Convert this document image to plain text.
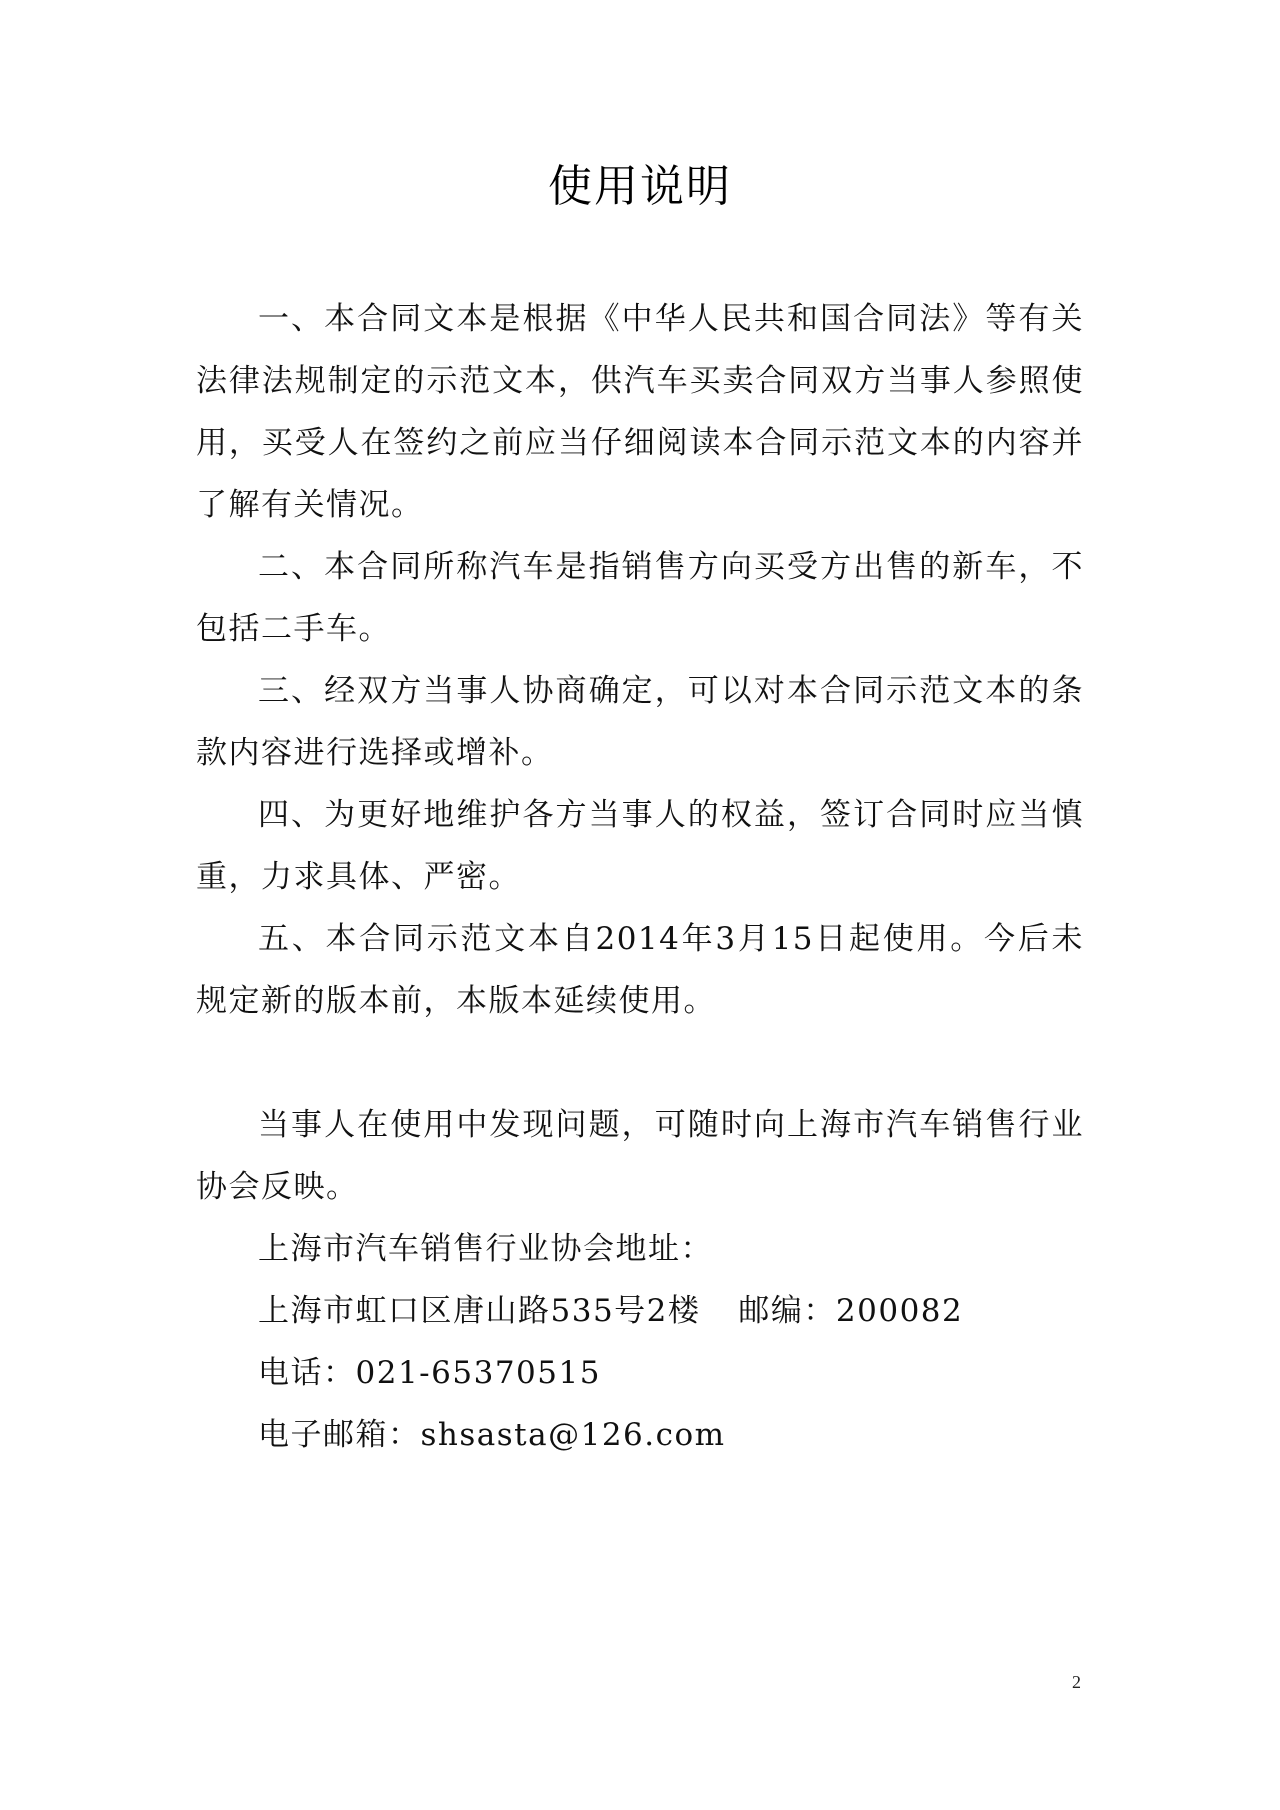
使用说明

一、本合同文本是根据《中华人民共和国合同法》等有关法律法规制定的示范文本，供汽车买卖合同双方当事人参照使用，买受人在签约之前应当仔细阅读本合同示范文本的内容并了解有关情况。

二、本合同所称汽车是指销售方向买受方出售的新车，不包括二手车。

三、经双方当事人协商确定，可以对本合同示范文本的条款内容进行选择或增补。

四、为更好地维护各方当事人的权益，签订合同时应当慎重，力求具体、严密。

五、本合同示范文本自2014年3月15日起使用。今后未规定新的版本前，本版本延续使用。

当事人在使用中发现问题，可随时向上海市汽车销售行业协会反映。

上海市汽车销售行业协会地址：

上海市虹口区唐山路535号2楼 邮编：200082

电话：021-65370515

电子邮箱：shsasta@126.com

2
